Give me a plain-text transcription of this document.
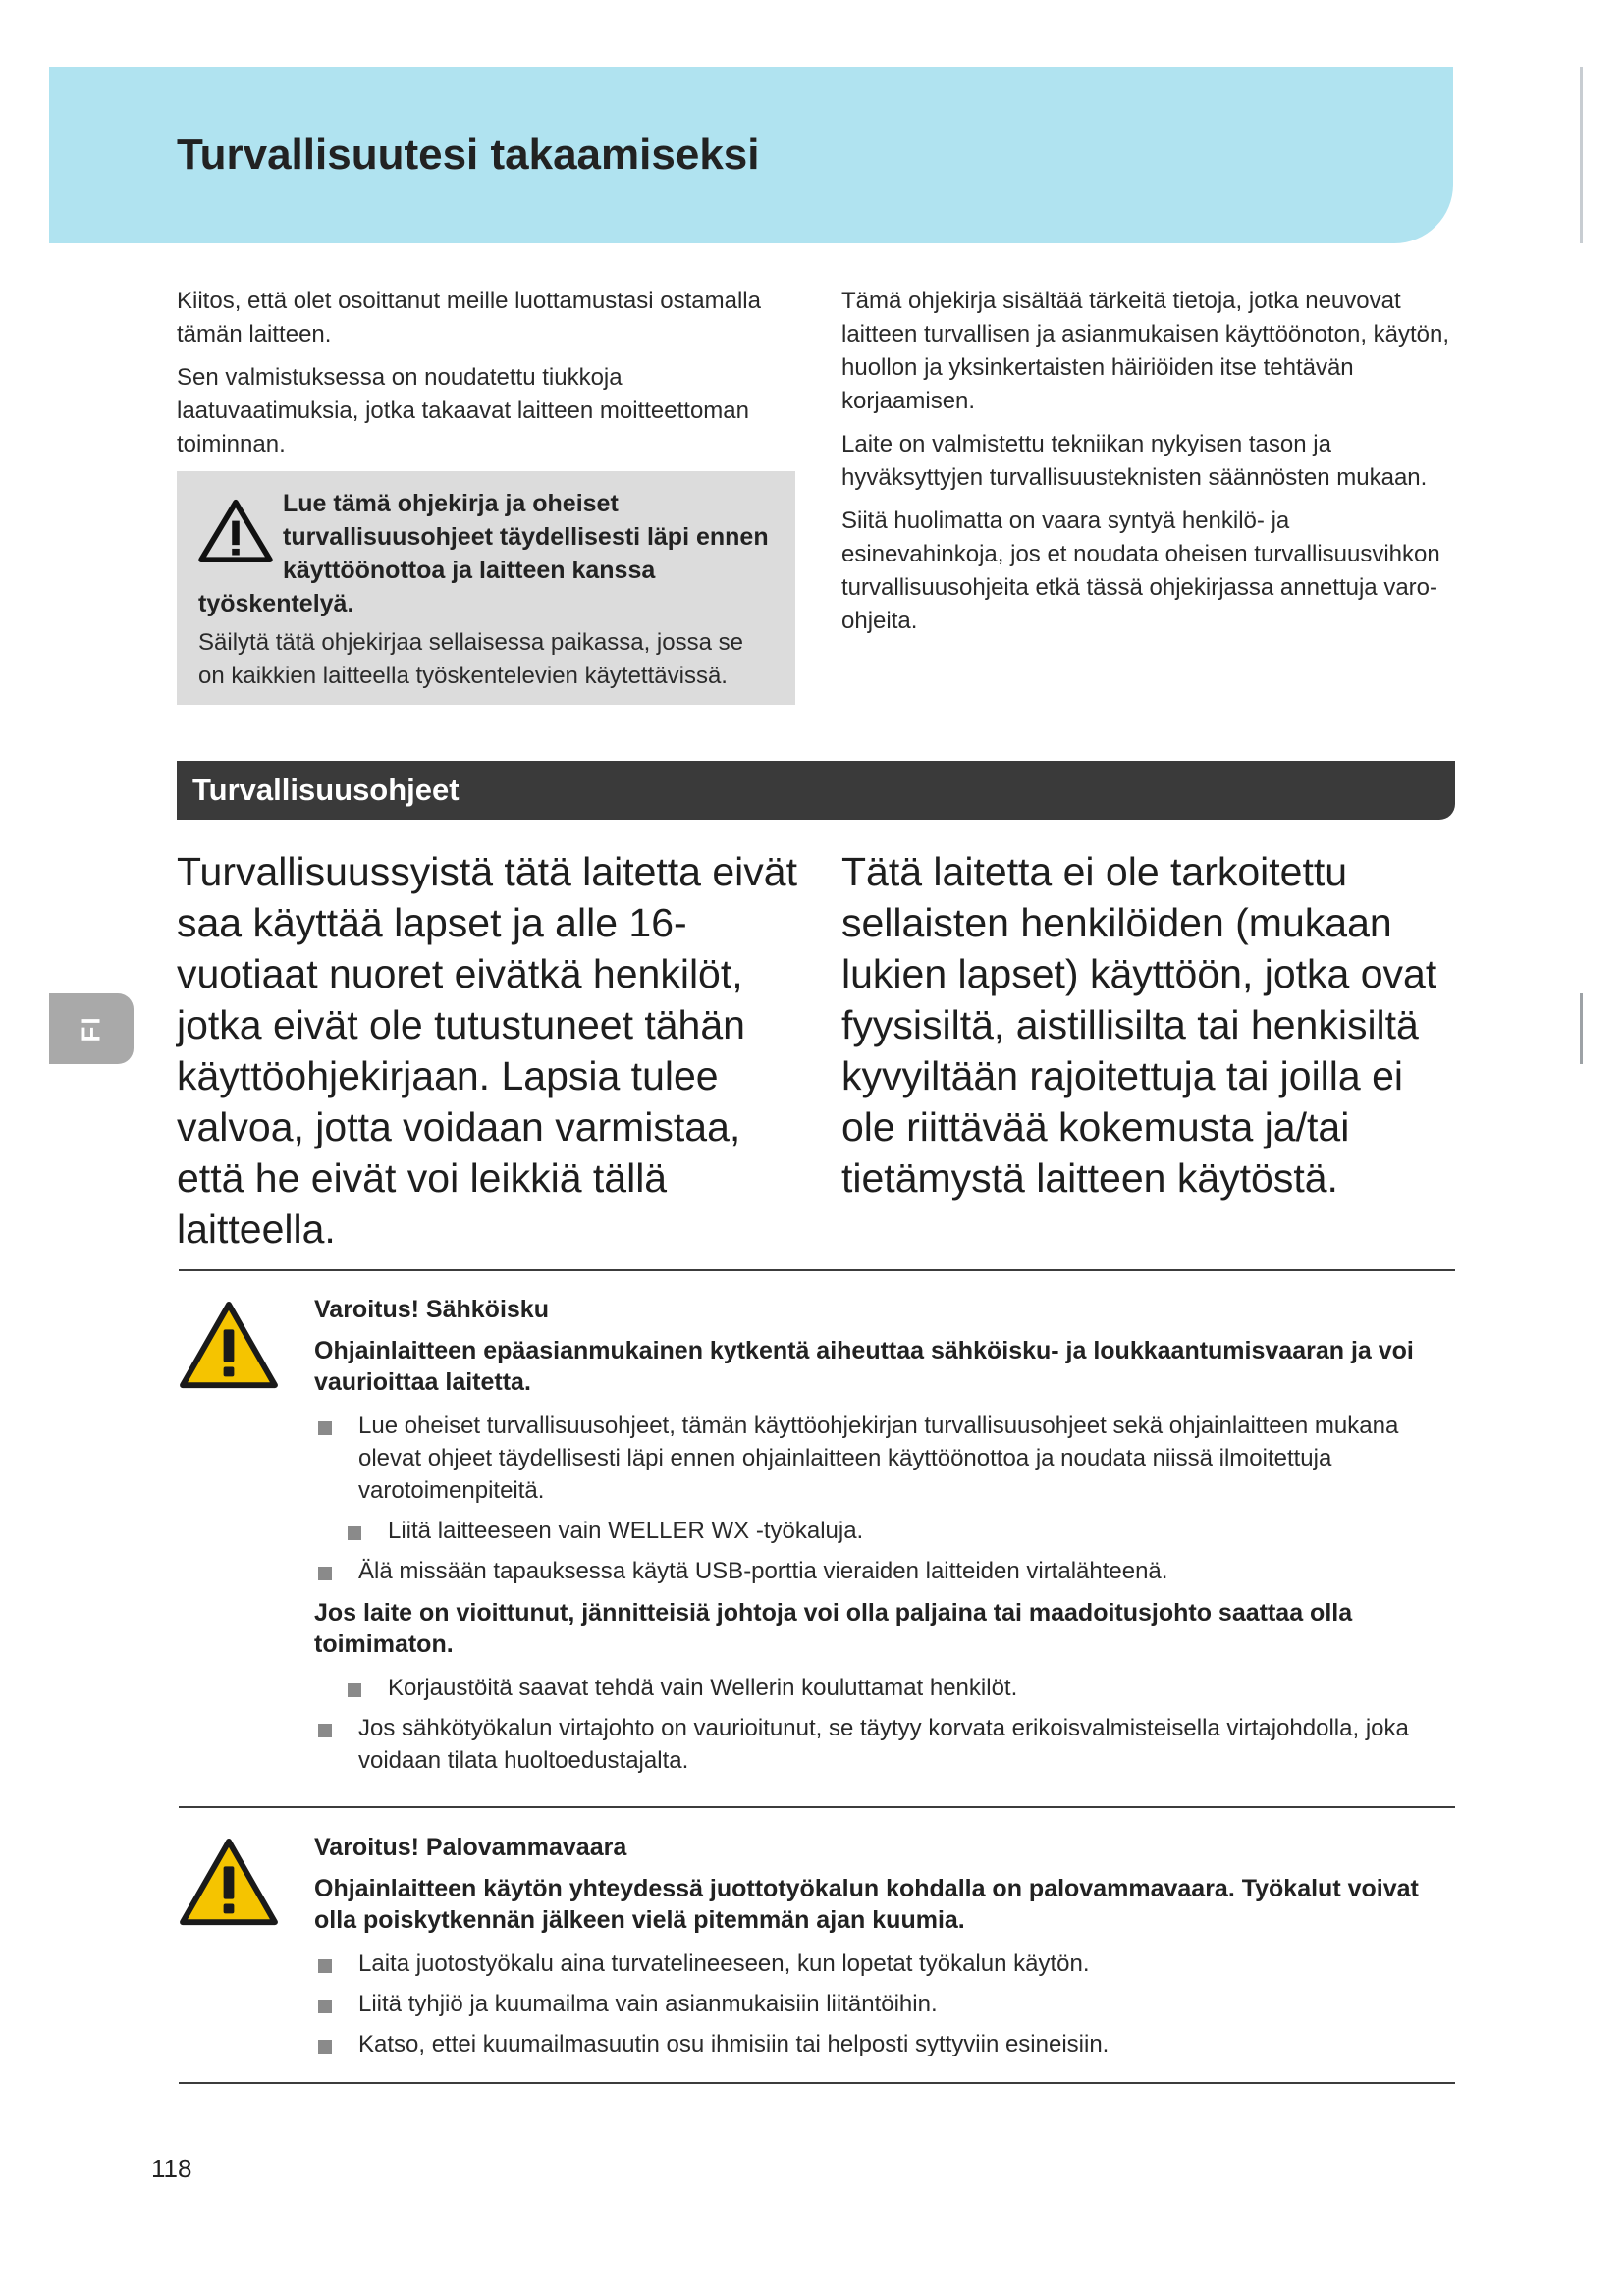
Turvallisuutesi takaamiseksi
FI

Kiitos, että olet osoittanut meille luottamustasi ostamalla tämän laitteen.

Sen valmistuksessa on noudatettu tiukkoja laatuvaatimuksia, jotka takaavat laitteen moitteettoman toiminnan.

Lue tämä ohjekirja ja oheiset turvallisuusohjeet täydellisesti läpi ennen käyttöönottoa ja laitteen kanssa työskentelyä.

Säilytä tätä ohjekirjaa sellaisessa paikassa, jossa se on kaikkien laitteella työskentelevien käytettävissä.

Tämä ohjekirja sisältää tärkeitä tietoja, jotka neuvovat laitteen turvallisen ja asianmukaisen käyttöönoton, käytön, huollon ja yksinkertaisten häiriöiden itse tehtävän korjaamisen.

Laite on valmistettu tekniikan nykyisen tason ja hyväksyttyjen turvallisuusteknisten säännösten mukaan.

Siitä huolimatta on vaara syntyä henkilö- ja esinevahinkoja, jos et noudata oheisen turvallisuusvihkon turvallisuusohjeita etkä tässä ohjekirjassa annettuja varo-ohjeita.

Turvallisuusohjeet

Turvallisuussyistä tätä laitetta eivät saa käyttää lapset ja alle 16-vuotiaat nuoret eivätkä henkilöt, jotka eivät ole tutustuneet tähän käyttöohjekirjaan. Lapsia tulee valvoa, jotta voidaan varmistaa, että he eivät voi leikkiä tällä laitteella.

Tätä laitetta ei ole tarkoitettu sellaisten henkilöiden (mukaan lukien lapset) käyttöön, jotka ovat fyysisiltä, aistillisilta tai henkisiltä kyvyiltään rajoitettuja tai joilla ei ole riittävää kokemusta ja/tai tietämystä laitteen käytöstä.

Varoitus! Sähköisku

Ohjainlaitteen epäasianmukainen kytkentä aiheuttaa sähköisku- ja loukkaantumisvaaran ja voi vaurioittaa laitetta.

Lue oheiset turvallisuusohjeet, tämän käyttöohjekirjan turvallisuusohjeet sekä ohjainlaitteen mukana olevat ohjeet täydellisesti läpi ennen ohjainlaitteen käyttöönottoa ja noudata niissä ilmoitettuja varotoimenpiteitä.
Liitä laitteeseen vain WELLER WX -työkaluja.
Älä missään tapauksessa käytä USB-porttia vieraiden laitteiden virtalähteenä.

Jos laite on vioittunut, jännitteisiä johtoja voi olla paljaina tai maadoitusjohto saattaa olla toimimaton.

Korjaustöitä saavat tehdä vain Wellerin kouluttamat henkilöt.
Jos sähkötyökalun virtajohto on vaurioitunut, se täytyy korvata erikoisvalmisteisella virtajohdolla, joka voidaan tilata huoltoedustajalta.

Varoitus! Palovammavaara

Ohjainlaitteen käytön yhteydessä juottotyökalun kohdalla on palovammavaara. Työkalut voivat olla poiskytkennän jälkeen vielä pitemmän ajan kuumia.

Laita juotostyökalu aina turvatelineeseen, kun lopetat työkalun käytön.
Liitä tyhjiö ja kuumailma vain asianmukaisiin liitäntöihin.
Katso, ettei kuumailmasuutin osu ihmisiin tai helposti syttyviin esineisiin.
118
